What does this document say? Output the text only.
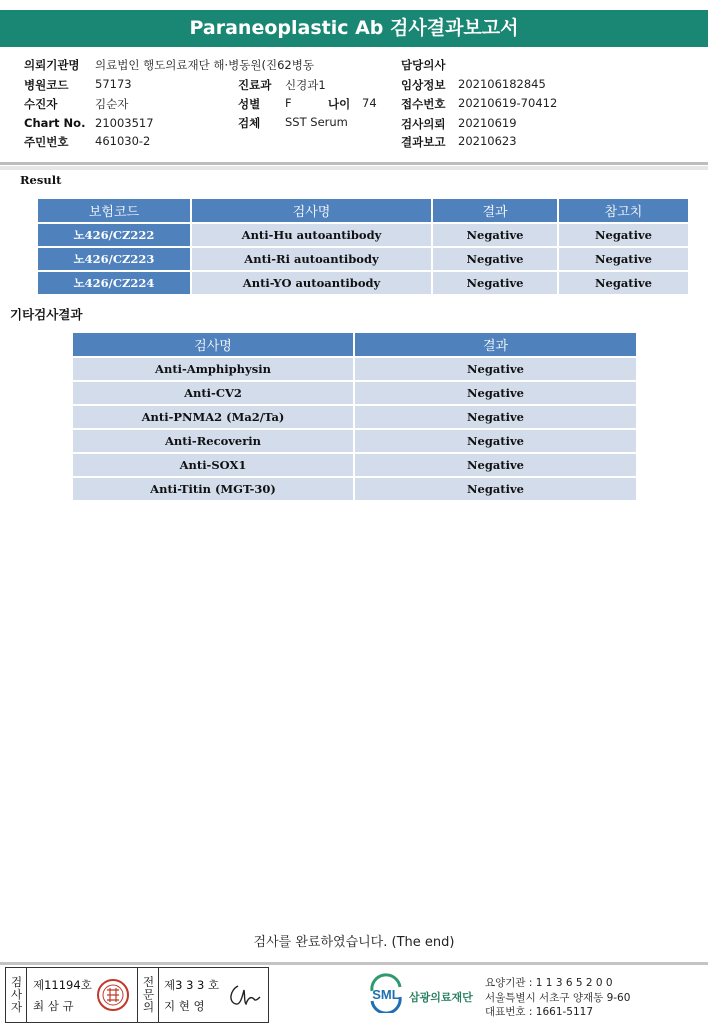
Paraneoplastic Ab 검사결과보고서
의뢰기관명 의료법인 행도의료재단 해·병동원(진62병동
병원코드 57173
수진자	김순자
Chart No. 21003517
주민번호 461030-2
진료과 신경과1
성별 F	나이 74
검체 SST Serum
담당의사
임상정보 202106182845
접수번호 20210619-70412
검사의뢰 20210619
결과보고 20210623
Result
보험코드	검사명	결과	참고치
노426/CZ222	Anti-Hu autoantibody	Negative	Negative
노426/CZ223	Anti-Ri autoantibody	Negative	Negative
노426/CZ224	Anti-YO autoantibody	Negative	Negative
기타검사결과
검사명	결과
Anti-Amphiphysin	Negative
Anti-CV2	Negative
Anti-PNMA2 (Ma2/Ta)	Negative
Anti-Recoverin	Negative
Anti-SOX1	Negative
Anti-Titin (MGT-30)	Negative
검사를 완료하였습니다. (The end)
검사자 제11194호
최 삼 규	전문의 제3 3 3 호
지 현 영
SML 삼광의료재단
요양기관 : 1 1 3 6 5 2 0 0
서울특별시 서초구 양재동 9-60
대표번호 : 1661-5117
